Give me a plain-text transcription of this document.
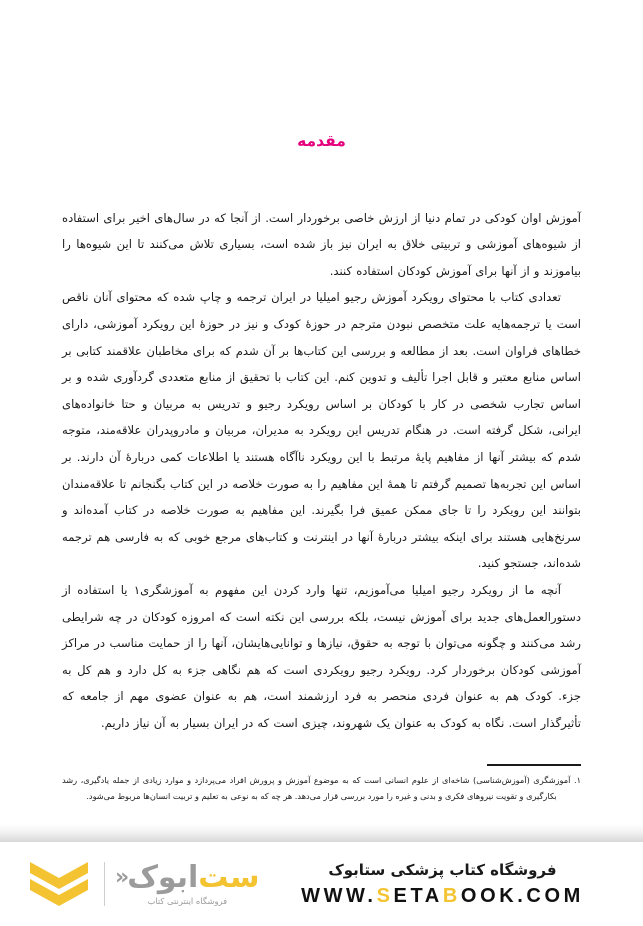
مقدمه

آموزش اوان کودکی در تمام دنیا از ارزش خاصی برخوردار است. از آنجا که در سال‌های اخیر برای استفاده از شیوه‌های آموزشی و تربیتی خلاق به ایران نیز باز شده است، بسیاری تلاش می‌کنند تا این شیوه‌ها را بیاموزند و از آنها برای آموزش کودکان استفاده کنند.

تعدادی کتاب با محتوای رویکرد آموزش رجیو امیلیا در ایران ترجمه و چاپ شده که محتوای آنان ناقص است یا ترجمه‌هایه علت متخصص نبودن مترجم در حوزهٔ کودک و نیز در حوزهٔ این رویکرد آموزشی، دارای خطاهای فراوان است. بعد از مطالعه و بررسی این کتاب‌ها بر آن شدم که برای مخاطبان علاقمند کتابی بر اساس منابع معتبر و قابل اجرا تألیف و تدوین کنم. این کتاب با تحقیق از منابع متعددی گردآوری شده و بر اساس تجارب شخصی در کار با کودکان بر اساس رویکرد رجیو و تدریس به مربیان و حتا خانواده‌های ایرانی، شکل گرفته است. در هنگام تدریس این رویکرد به مدیران، مربیان و مادروپدران علاقه‌مند، متوجه شدم که بیشتر آنها از مفاهیم پایهٔ مرتبط با این رویکرد ناآگاه هستند یا اطلاعات کمی دربارهٔ آن دارند. بر اساس این تجربه‌ها تصمیم گرفتم تا همهٔ این مفاهیم را به صورت خلاصه در این کتاب بگنجانم تا علاقه‌مندان بتوانند این رویکرد را تا جای ممکن عمیق فرا بگیرند. این مفاهیم به صورت خلاصه در کتاب آمده‌اند و سرنخ‌هایی هستند برای اینکه بیشتر دربارهٔ آنها در اینترنت و کتاب‌های مرجع خوبی که به فارسی هم ترجمه شده‌اند، جستجو کنید.

آنچه ما از رویکرد رجیو امیلیا می‌آموزیم، تنها وارد کردن این مفهوم به آموزشگری۱ یا استفاده از دستورالعمل‌های جدید برای آموزش نیست، بلکه بررسی این نکته است که امروزه کودکان در چه شرایطی رشد می‌کنند و چگونه می‌توان با توجه به حقوق، نیازها و توانایی‌هایشان، آنها را از حمایت مناسب در مراکز آموزشی کودکان برخوردار کرد. رویکرد رجیو رویکردی است که هم نگاهی جزء به کل دارد و هم کل به جزء. کودک هم به عنوان فردی منحصر به فرد ارزشمند است، هم به عنوان عضوی مهم از جامعه که تأثیرگذار است. نگاه به کودک به عنوان یک شهروند، چیزی است که در ایران بسیار به آن نیاز داریم.

۱. آموزشگری (آموزش‌شناسی) شاخه‌ای از علوم انسانی است که به موضوع آموزش و پرورش افراد می‌پردازد و موارد زیادی از جمله یادگیری، رشد بکارگیری و تقویت نیروهای فکری و بدنی و غیره را مورد بررسی قرار می‌دهد. هر چه که به نوعی به تعلیم و تربیت انسان‌ها مربوط می‌شود.
فروشگاه کتاب پزشکی ستابوک
WWW.SETABOOK.COM
ست
ابوک
«
فروشگاه اینترنتی کتاب
